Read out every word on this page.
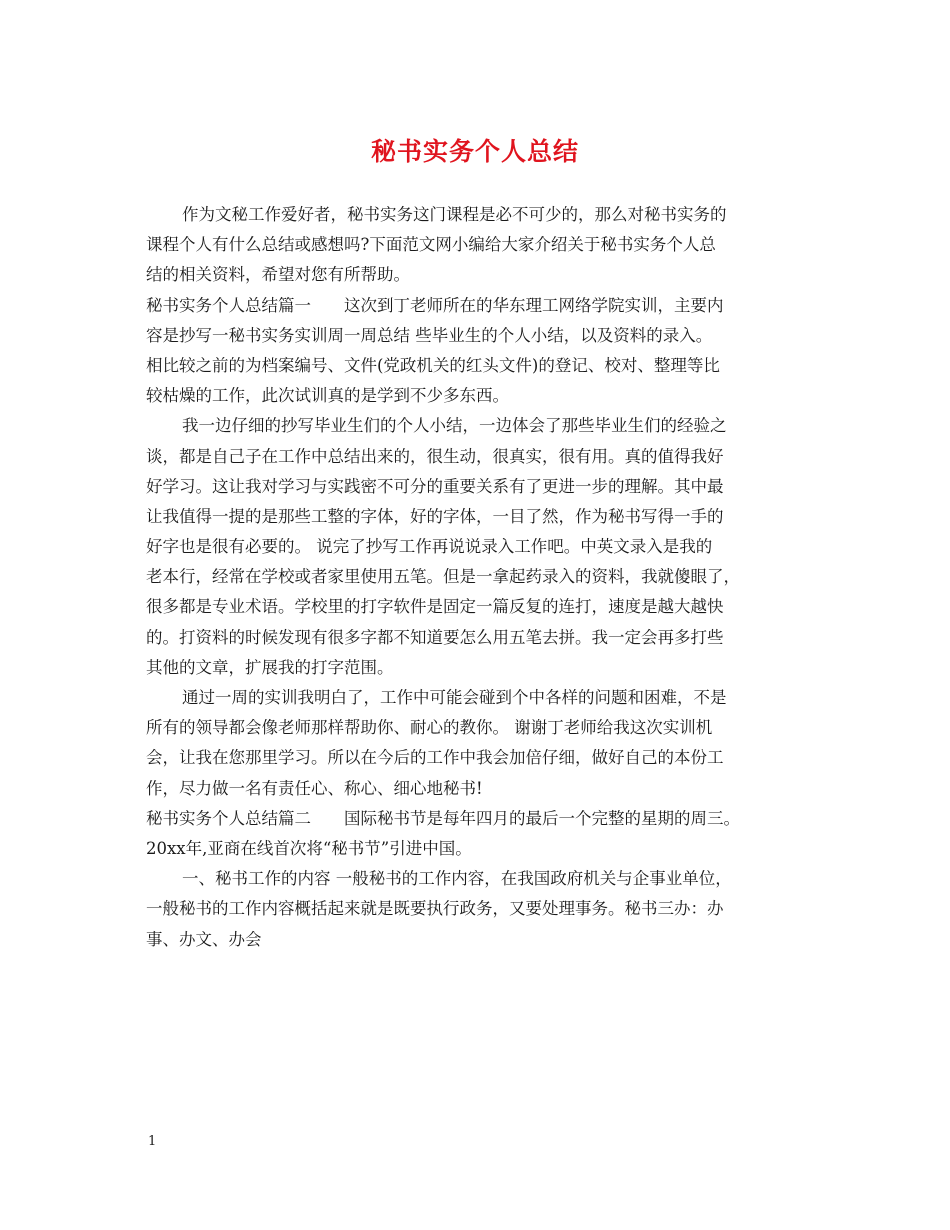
秘书实务个人总结
作为文秘工作爱好者，秘书实务这门课程是必不可少的，那么对秘书实务的
课程个人有什么总结或感想吗?下面范文网小编给大家介绍关于秘书实务个人总
结的相关资料，希望对您有所帮助。
秘书实务个人总结篇一　　这次到丁老师所在的华东理工网络学院实训，主要内
容是抄写一秘书实务实训周一周总结 些毕业生的个人小结，以及资料的录入。
相比较之前的为档案编号、文件(党政机关的红头文件)的登记、校对、整理等比
较枯燥的工作，此次试训真的是学到不少多东西。
我一边仔细的抄写毕业生们的个人小结，一边体会了那些毕业生们的经验之
谈，都是自己子在工作中总结出来的，很生动，很真实，很有用。真的值得我好
好学习。这让我对学习与实践密不可分的重要关系有了更进一步的理解。其中最
让我值得一提的是那些工整的字体，好的字体，一目了然，作为秘书写得一手的
好字也是很有必要的。 说完了抄写工作再说说录入工作吧。中英文录入是我的
老本行，经常在学校或者家里使用五笔。但是一拿起药录入的资料，我就傻眼了，
很多都是专业术语。学校里的打字软件是固定一篇反复的连打，速度是越大越快
的。打资料的时候发现有很多字都不知道要怎么用五笔去拼。我一定会再多打些
其他的文章，扩展我的打字范围。
通过一周的实训我明白了，工作中可能会碰到个中各样的问题和困难，不是
所有的领导都会像老师那样帮助你、耐心的教你。 谢谢丁老师给我这次实训机
会，让我在您那里学习。所以在今后的工作中我会加倍仔细，做好自己的本份工
作，尽力做一名有责任心、称心、细心地秘书!
秘书实务个人总结篇二　　国际秘书节是每年四月的最后一个完整的星期的周三。
20xx年,亚商在线首次将“秘书节”引进中国。
一、秘书工作的内容 一般秘书的工作内容，在我国政府机关与企事业单位，
一般秘书的工作内容概括起来就是既要执行政务，又要处理事务。秘书三办：办
事、办文、办会
1
